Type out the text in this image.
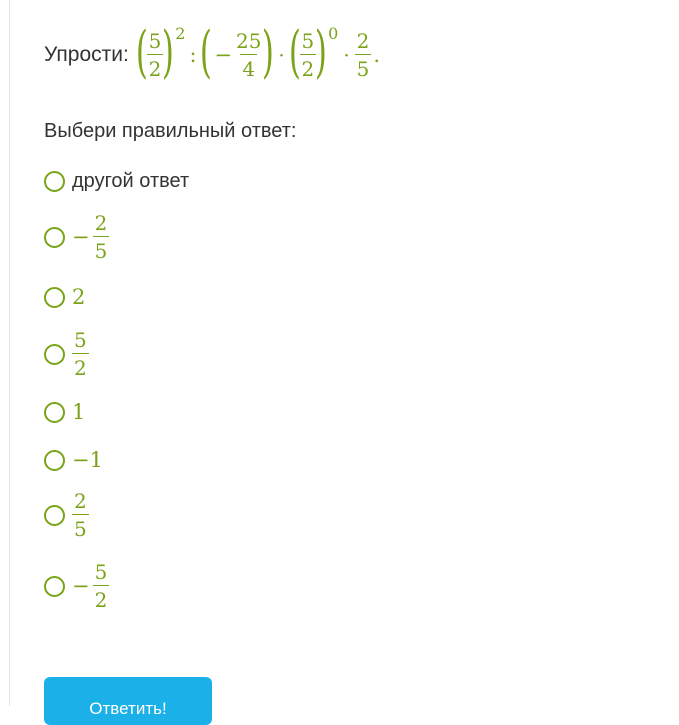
Упрости: (
$\frac{5}{2}$
) 2
: ( − $\frac{25}{4}$
) · (
$\frac{5}{2}$
) 0
· $\frac{2}{5}$ .
Выбери правильный ответ:
другой ответ
− $\frac{2}{5}$
2
$\frac{5}{2}$
1
−1
$\frac{2}{5}$
− $\frac{5}{2}$
Ответить!
